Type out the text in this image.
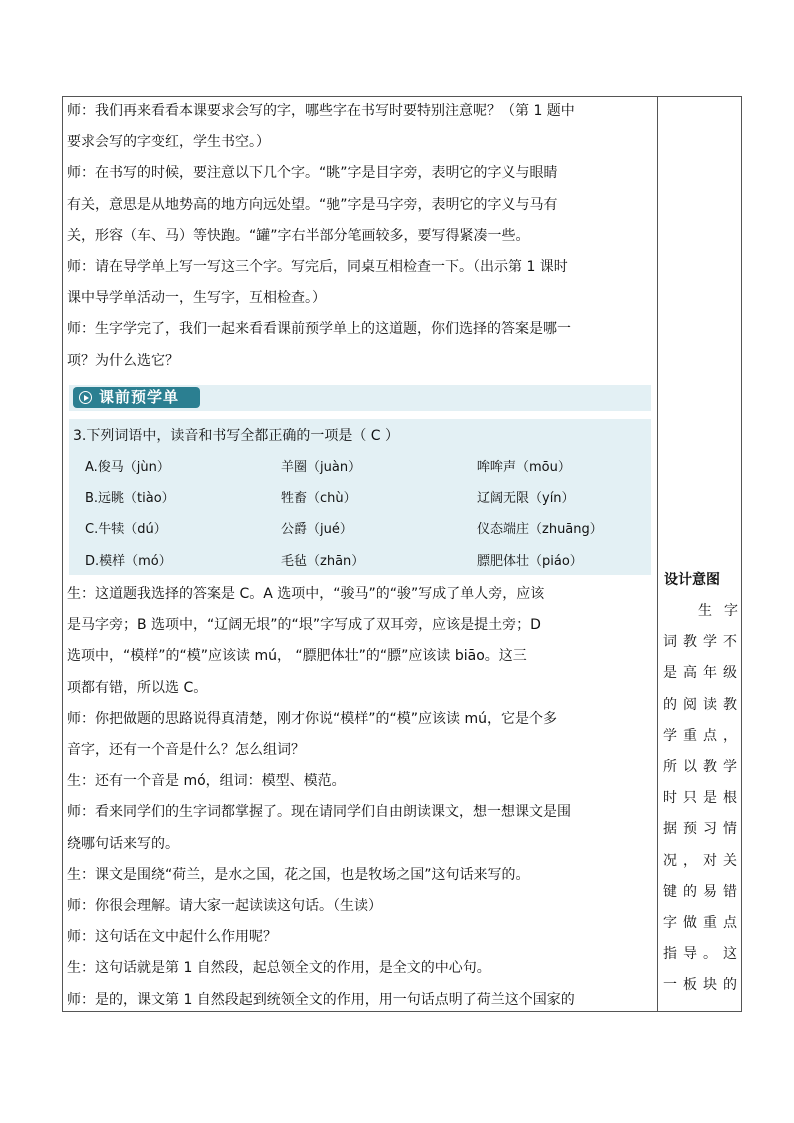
师：我们再来看看本课要求会写的字，哪些字在书写时要特别注意呢？（第 1 题中
要求会写的字变红，学生书空。）
师：在书写的时候，要注意以下几个字。“眺”字是目字旁，表明它的字义与眼睛
有关，意思是从地势高的地方向远处望。“驰”字是马字旁，表明它的字义与马有
关，形容（车、马）等快跑。“罐”字右半部分笔画较多，要写得紧凑一些。
师：请在导学单上写一写这三个字。写完后，同桌互相检查一下。（出示第 1 课时
课中导学单活动一，生写字，互相检查。）
师：生字学完了，我们一起来看看课前预学单上的这道题，你们选择的答案是哪一
项？为什么选它？
课前预学单
3.下列词语中，读音和书写全都正确的一项是（ C ）
A.俊马（jùn）	羊圈（juàn）	哞哞声（mōu）
B.远眺（tiào）	牲畜（chù）	辽阔无限（yín）
C.牛犊（dú）	公爵（jué）	仪态端庄（zhuāng）
D.模样（mó）	毛毡（zhān）	膘肥体壮（piáo）
生：这道题我选择的答案是 C。A 选项中，“骏马”的“骏”写成了单人旁，应该
是马字旁；B 选项中，“辽阔无垠”的“垠”字写成了双耳旁，应该是提土旁；D
选项中，“模样”的“模”应该读 mú， “膘肥体壮”的“膘”应该读 biāo。这三
项都有错，所以选 C。
师：你把做题的思路说得真清楚，刚才你说“模样”的“模”应该读 mú，它是个多
音字，还有一个音是什么？怎么组词？
生：还有一个音是 mó，组词：模型、模范。
师：看来同学们的生字词都掌握了。现在请同学们自由朗读课文，想一想课文是围
绕哪句话来写的。
生：课文是围绕“荷兰，是水之国，花之国，也是牧场之国”这句话来写的。
师：你很会理解。请大家一起读读这句话。（生读）
师：这句话在文中起什么作用呢？
生：这句话就是第 1 自然段，起总领全文的作用，是全文的中心句。
师：是的，课文第 1 自然段起到统领全文的作用，用一句话点明了荷兰这个国家的
设计意图
生字
词教学不
是高年级
的阅读教
学重点，
所以教学
时只是根
据预习情
况，对关
键的易错
字做重点
指导。这
一板块的
